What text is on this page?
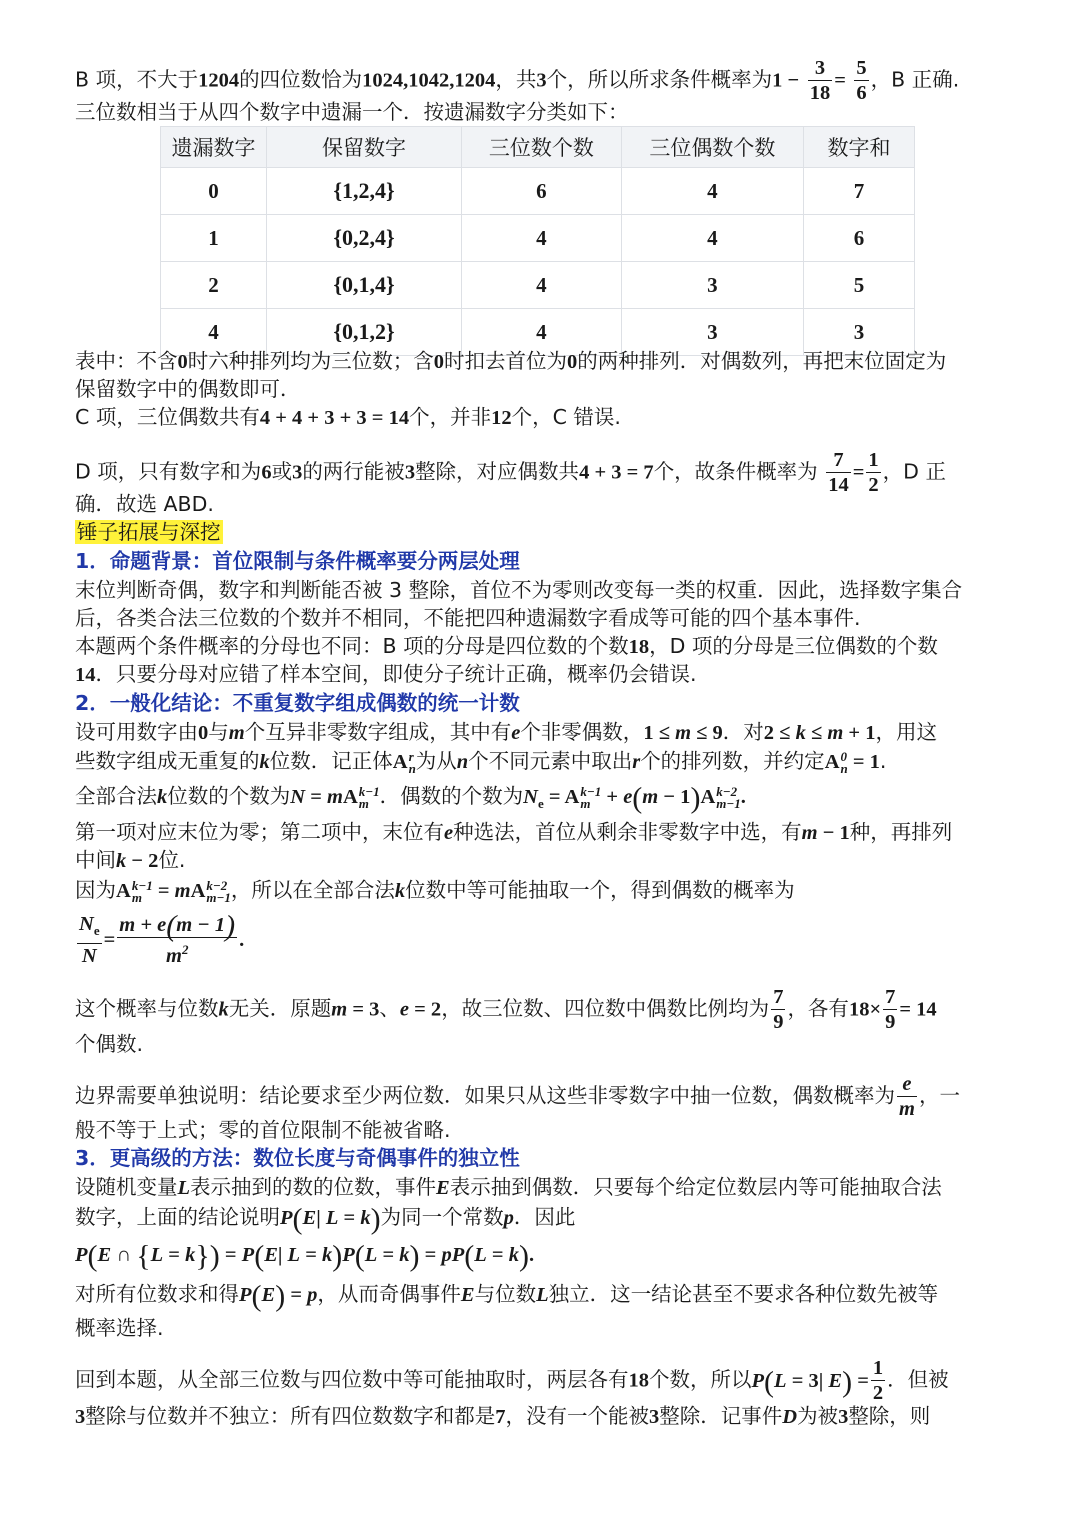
B 项，不大于1204的四位数恰为1024,1042,1204，共3个，所以所求条件概率为$1 - \frac{3}{18} = \frac{5}{6}$ ，B 正确.
三位数相当于从四个数字中遗漏一个．按遗漏数字分类如下：
遗漏数字	保留数字	三位数个数	三位偶数个数	数字和
0	{1,2,4}	6	4	7
1	{0,2,4}	4	4	6
2	{0,1,4}	4	3	5
4	{0,1,2}	4	3	3
表中：不含0时六种排列均为三位数；含0时扣去首位为0的两种排列．对偶数列，再把末位固定为
保留数字中的偶数即可．
C 项，三位偶数共有4 + 4 + 3 + 3 = 14个，并非12个，C 错误.
D 项，只有数字和为6或3的两行能被3整除，对应偶数共4 + 3 = 7个，故条件概率为 $\frac{7}{14} = \frac{1}{2}$ ，D 正
确．故选 ABD.
锤子拓展与深挖
1．命题背景：首位限制与条件概率要分两层处理
末位判断奇偶，数字和判断能否被 3 整除，首位不为零则改变每一类的权重．因此，选择数字集合
后，各类合法三位数的个数并不相同，不能把四种遗漏数字看成等可能的四个基本事件.
本题两个条件概率的分母也不同：B 项的分母是四位数的个数18，D 项的分母是三位偶数的个数
14．只要分母对应错了样本空间，即使分子统计正确，概率仍会错误.
2．一般化结论：不重复数字组成偶数的统一计数
设可用数字由0与m个互异非零数字组成，其中有e个非零偶数，1 ≤ m ≤ 9．对2 ≤ k ≤ m + 1，用这
些数字组成无重复的k位数．记正体A r
n 为从n个不同元素中取出r个的排列数，并约定A 0
n = 1.
全部合法k位数的个数为N = mA k−1
m ．偶数的个数为$N_e = A$ k−1
m + e(m − 1)A k−2
m−1 .
第一项对应末位为零；第二项中，末位有e种选法，首位从剩余非零数字中选，有m − 1种，再排列
中间k − 2位.
因为A k−1
m = mA k−2
m−1 ，所以在全部合法k位数中等可能抽取一个，得到偶数的概率为
$\frac{N_e}{N} = \frac{m + e(m - 1)}{m^2}$ .
这个概率与位数k无关．原题m = 3、e = 2，故三位数、四位数中偶数比例均为 $\frac{7}{9}$ ，各有$18\times \frac{7}{9} = 14$
个偶数.
边界需要单独说明：结论要求至少两位数．如果只从这些非零数字中抽一位数，偶数概率为 $\frac{e}{m}$ ，一
般不等于上式；零的首位限制不能被省略.
3．更高级的方法：数位长度与奇偶事件的独立性
设随机变量L表示抽到的数的位数，事件E表示抽到偶数．只要每个给定位数层内等可能抽取合法
数字，上面的结论说明P(E| L = k)为同一个常数p．因此
P(E ∩ {L = k}) = P(E| L = k)P(L = k) = pP(L = k).
对所有位数求和得P(E) = p，从而奇偶事件E与位数L独立．这一结论甚至不要求各种位数先被等
概率选择.
回到本题，从全部三位数与四位数中等可能抽取时，两层各有18个数，所以P(L = 3| $E) = \frac{1}{2}$ ．但被
3整除与位数并不独立：所有四位数数字和都是7，没有一个能被3整除．记事件D为被3整除，则
